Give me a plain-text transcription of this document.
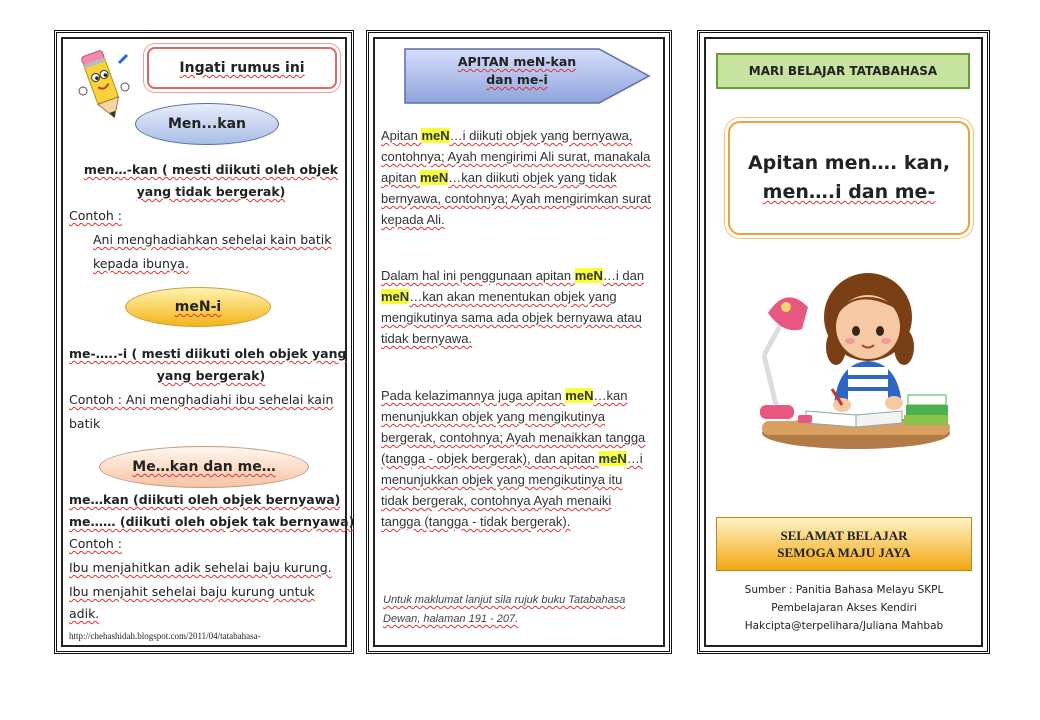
Ingati rumus ini
Men...kan
men…-kan ( mesti diikuti oleh objek
yang tidak bergerak)
Contoh :
Ani menghadiahkan sehelai kain batik
kepada ibunya.
meN-i
me-…..-i ( mesti diikuti oleh objek yang
yang bergerak)
Contoh : Ani menghadiahi ibu sehelai kain
batik
Me…kan dan me…
me…kan (diikuti oleh objek bernyawa)
me…… (diikuti oleh objek tak bernyawa)
Contoh :
Ibu menjahitkan adik sehelai baju kurung.
Ibu menjahit sehelai baju kurung untuk
adik.
http://chehashidah.blogspot.com/2011/04/tatabahasa-
APITAN meN-kan
dan me-i
Apitan meN…i diikuti objek yang bernyawa, contohnya; Ayah mengirimi Ali surat, manakala apitan meN…kan diikuti objek yang tidak bernyawa, contohnya; Ayah mengirimkan surat kepada Ali.
Dalam hal ini penggunaan apitan meN…i dan meN…kan akan menentukan objek yang mengikutinya sama ada objek bernyawa atau tidak bernyawa.
Pada kelazimannya juga apitan meN…kan menunjukkan objek yang mengikutinya bergerak, contohnya; Ayah menaikkan tangga (tangga - objek bergerak), dan apitan meN…i menunjukkan objek yang mengikutinya itu tidak bergerak, contohnya Ayah menaiki tangga (tangga - tidak bergerak).
Untuk maklumat lanjut sila rujuk buku Tatabahasa Dewan, halaman 191 - 207.
MARI BELAJAR TATABAHASA
Apitan men…. kan,
men….i dan me-
SELAMAT BELAJAR
SEMOGA MAJU JAYA
Sumber : Panitia Bahasa Melayu SKPL
Pembelajaran Akses Kendiri
Hakcipta@terpelihara/Juliana Mahbab
